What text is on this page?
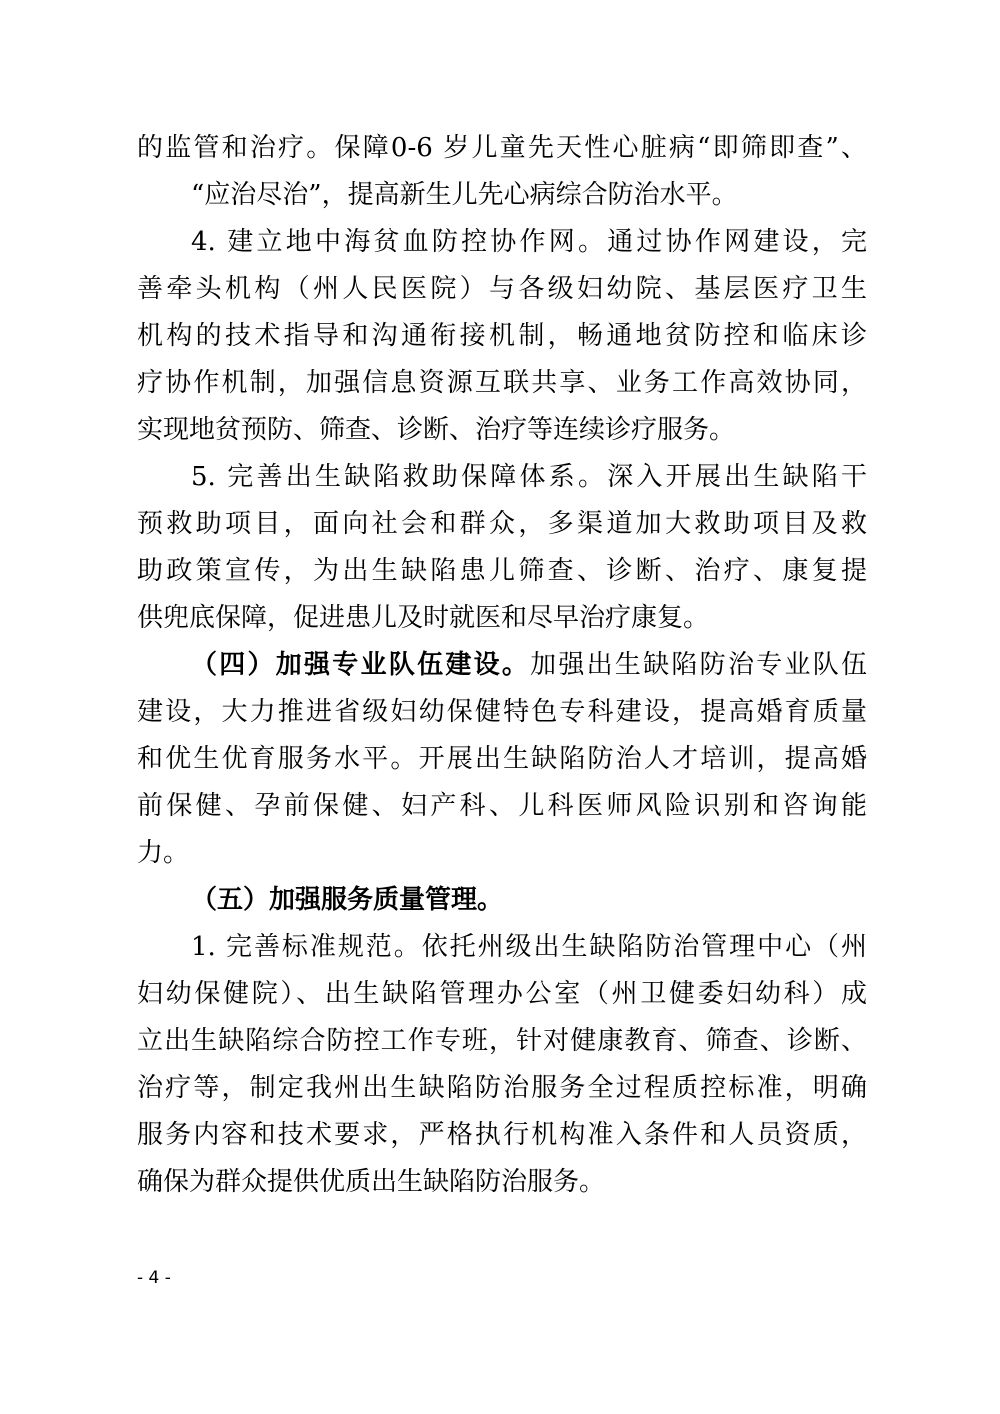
的监管和治疗。保障0-6 岁儿童先天性心脏病“即筛即查”、
“应治尽治”，提高新生儿先心病综合防治水平。
4. 建立地中海贫血防控协作网。通过协作网建设，完
善牵头机构（州人民医院）与各级妇幼院、基层医疗卫生
机构的技术指导和沟通衔接机制，畅通地贫防控和临床诊
疗协作机制，加强信息资源互联共享、业务工作高效协同，
实现地贫预防、筛查、诊断、治疗等连续诊疗服务。
5. 完善出生缺陷救助保障体系。深入开展出生缺陷干
预救助项目，面向社会和群众，多渠道加大救助项目及救
助政策宣传，为出生缺陷患儿筛查、诊断、治疗、康复提
供兜底保障，促进患儿及时就医和尽早治疗康复。
（四）加强专业队伍建设。加强出生缺陷防治专业队伍
建设，大力推进省级妇幼保健特色专科建设，提高婚育质量
和优生优育服务水平。开展出生缺陷防治人才培训，提高婚
前保健、孕前保健、妇产科、儿科医师风险识别和咨询能
力。
（五）加强服务质量管理。
1. 完善标准规范。依托州级出生缺陷防治管理中心（州
妇幼保健院）、出生缺陷管理办公室（州卫健委妇幼科）成
立出生缺陷综合防控工作专班，针对健康教育、筛查、诊断、
治疗等，制定我州出生缺陷防治服务全过程质控标准，明确
服务内容和技术要求，严格执行机构准入条件和人员资质，
确保为群众提供优质出生缺陷防治服务。
- 4 -
